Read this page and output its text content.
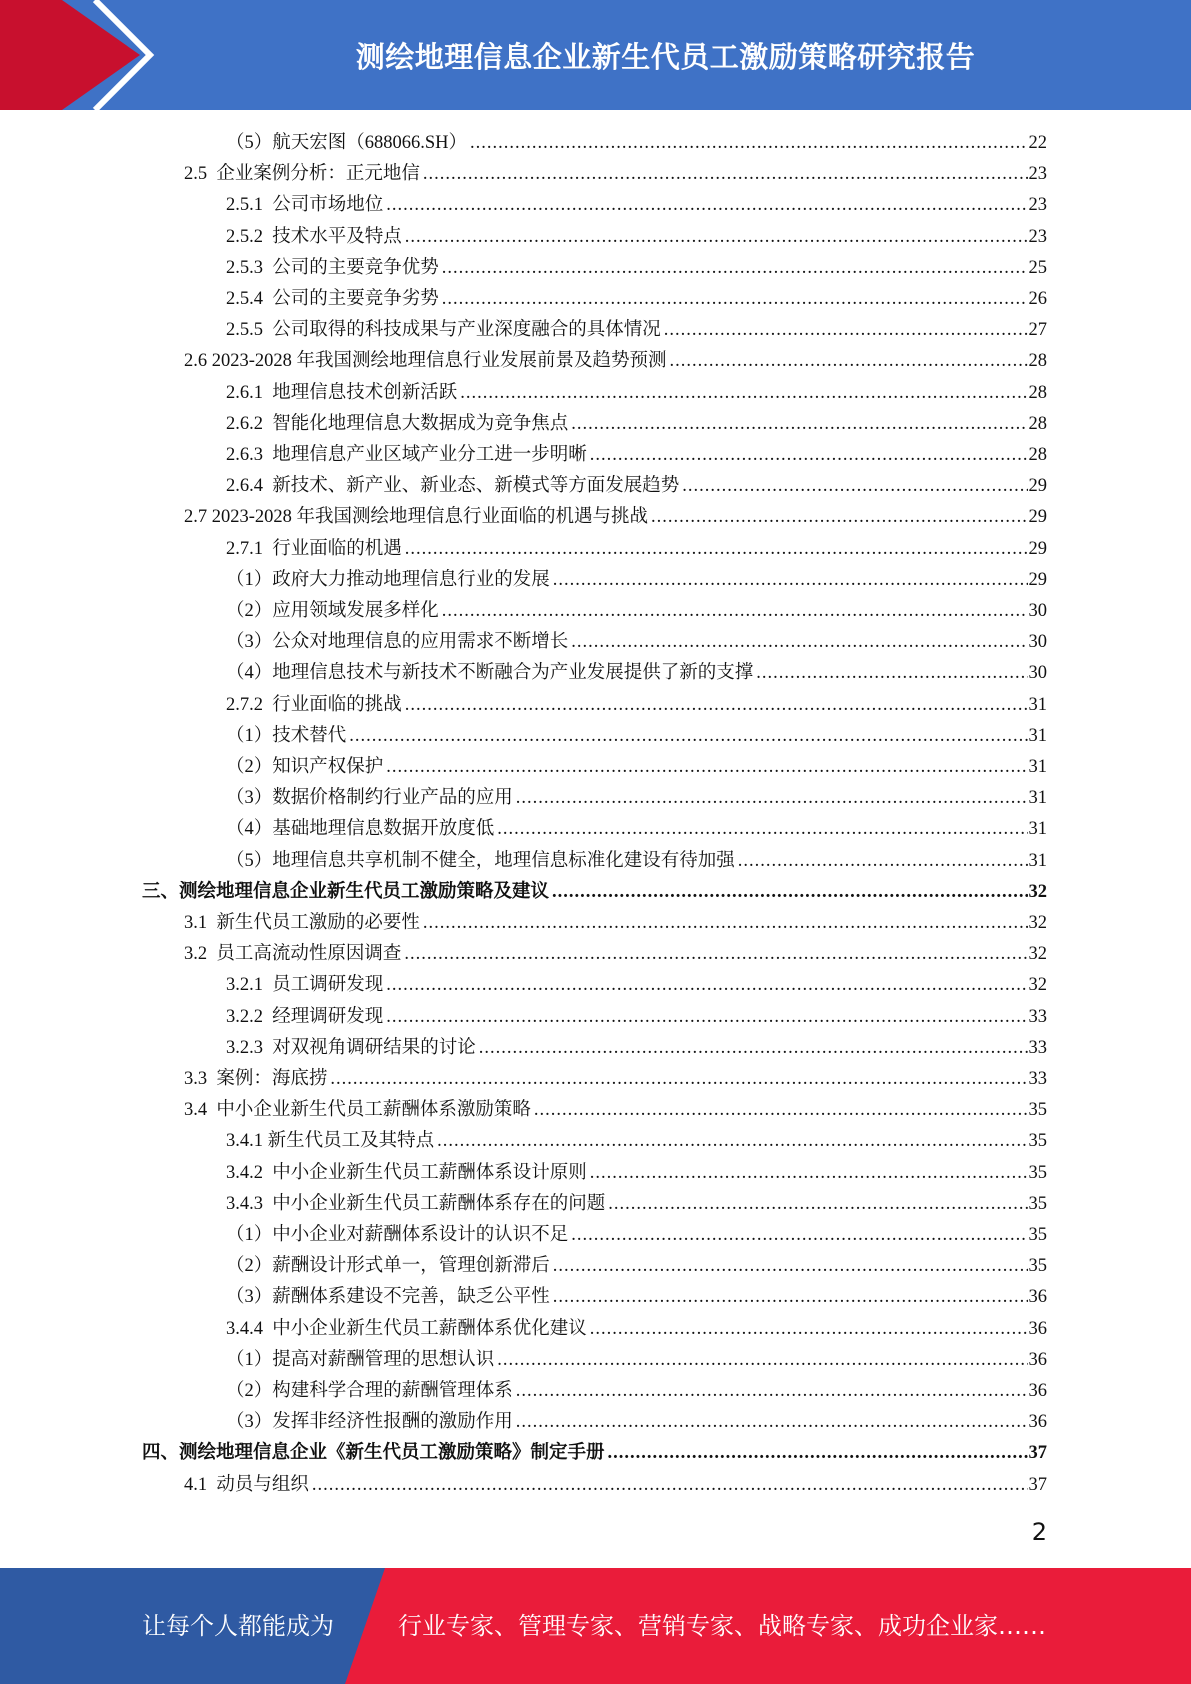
测绘地理信息企业新生代员工激励策略研究报告
（5）航天宏图（688066.SH） .....	22
2.5  企业案例分析：正元地信 .....	23
2.5.1  公司市场地位 .....	23
2.5.2  技术水平及特点 .....	23
2.5.3  公司的主要竞争优势 .....	25
2.5.4  公司的主要竞争劣势 .....	26
2.5.5  公司取得的科技成果与产业深度融合的具体情况 .....	27
2.6 2023-2028 年我国测绘地理信息行业发展前景及趋势预测 .....	28
2.6.1  地理信息技术创新活跃 .....	28
2.6.2  智能化地理信息大数据成为竞争焦点 .....	28
2.6.3  地理信息产业区域产业分工进一步明晰 .....	28
2.6.4  新技术、新产业、新业态、新模式等方面发展趋势 .....	29
2.7 2023-2028 年我国测绘地理信息行业面临的机遇与挑战 .....	29
2.7.1  行业面临的机遇 .....	29
（1）政府大力推动地理信息行业的发展 .....	29
（2）应用领域发展多样化 .....	30
（3）公众对地理信息的应用需求不断增长 .....	30
（4）地理信息技术与新技术不断融合为产业发展提供了新的支撑 .....	30
2.7.2  行业面临的挑战 .....	31
（1）技术替代 .....	31
（2）知识产权保护 .....	31
（3）数据价格制约行业产品的应用 .....	31
（4）基础地理信息数据开放度低 .....	31
（5）地理信息共享机制不健全，地理信息标准化建设有待加强 .....	31
三、测绘地理信息企业新生代员工激励策略及建议 .....	32
3.1  新生代员工激励的必要性 .....	32
3.2  员工高流动性原因调查 .....	32
3.2.1  员工调研发现 .....	32
3.2.2  经理调研发现 .....	33
3.2.3  对双视角调研结果的讨论 .....	33
3.3  案例：海底捞 .....	33
3.4  中小企业新生代员工薪酬体系激励策略 .....	35
3.4.1 新生代员工及其特点 .....	35
3.4.2  中小企业新生代员工薪酬体系设计原则 .....	35
3.4.3  中小企业新生代员工薪酬体系存在的问题 .....	35
（1）中小企业对薪酬体系设计的认识不足 .....	35
（2）薪酬设计形式单一，管理创新滞后 .....	35
（3）薪酬体系建设不完善，缺乏公平性 .....	36
3.4.4  中小企业新生代员工薪酬体系优化建议 .....	36
（1）提高对薪酬管理的思想认识 .....	36
（2）构建科学合理的薪酬管理体系 .....	36
（3）发挥非经济性报酬的激励作用 .....	36
四、测绘地理信息企业《新生代员工激励策略》制定手册 .....	37
4.1  动员与组织 .....	37
2
让每个人都能成为	行业专家、管理专家、营销专家、战略专家、成功企业家……
